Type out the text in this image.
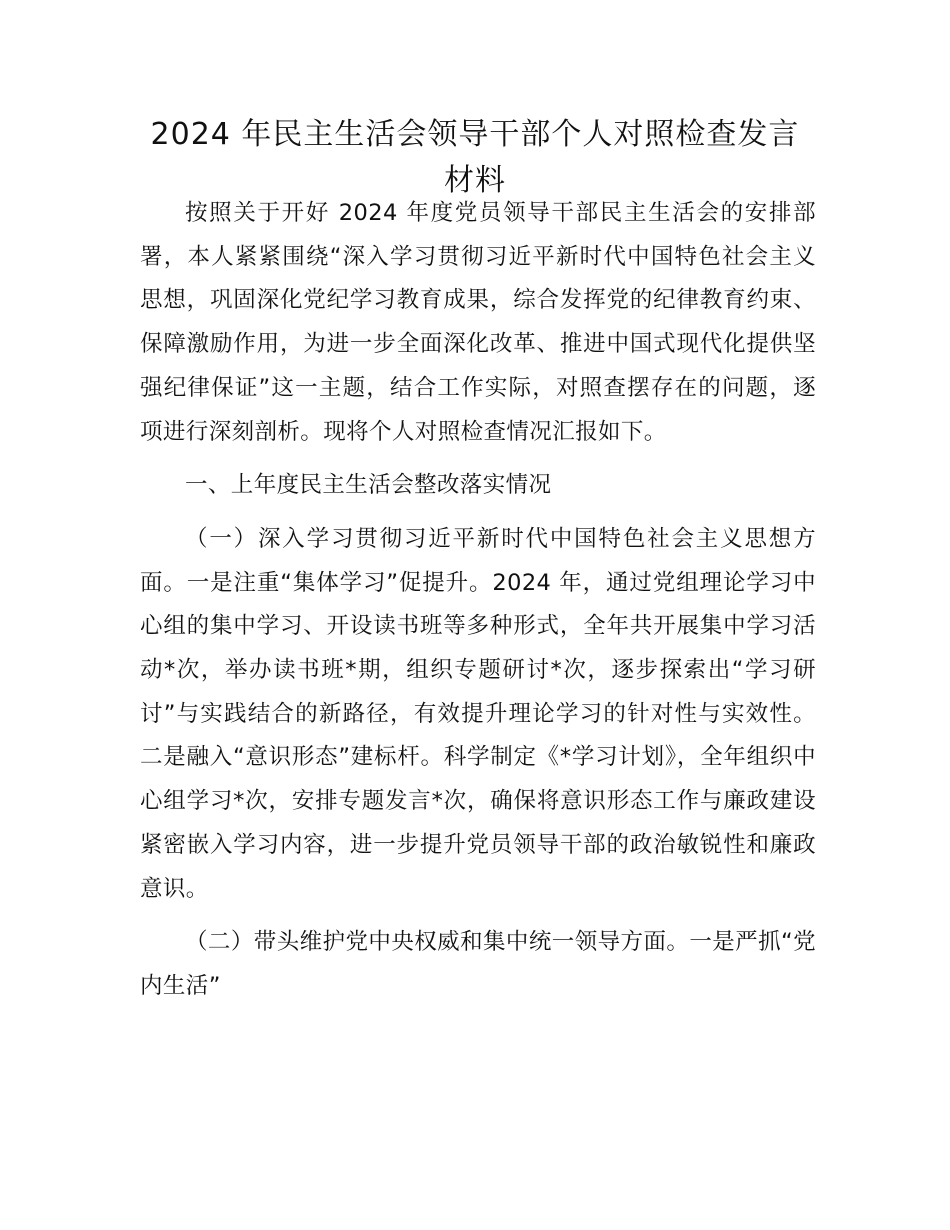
2024 年民主生活会领导干部个人对照检查发言材料

按照关于开好 2024 年度党员领导干部民主生活会的安排部署，本人紧紧围绕“深入学习贯彻习近平新时代中国特色社会主义思想，巩固深化党纪学习教育成果，综合发挥党的纪律教育约束、保障激励作用，为进一步全面深化改革、推进中国式现代化提供坚强纪律保证”这一主题，结合工作实际，对照查摆存在的问题，逐项进行深刻剖析。现将个人对照检查情况汇报如下。

一、上年度民主生活会整改落实情况

（一）深入学习贯彻习近平新时代中国特色社会主义思想方面。一是注重“集体学习”促提升。2024 年，通过党组理论学习中心组的集中学习、开设读书班等多种形式，全年共开展集中学习活动*次，举办读书班*期，组织专题研讨*次，逐步探索出“学习研讨”与实践结合的新路径，有效提升理论学习的针对性与实效性。二是融入“意识形态”建标杆。科学制定《*学习计划》，全年组织中心组学习*次，安排专题发言*次，确保将意识形态工作与廉政建设紧密嵌入学习内容，进一步提升党员领导干部的政治敏锐性和廉政意识。

（二）带头维护党中央权威和集中统一领导方面。一是严抓“党内生活”
